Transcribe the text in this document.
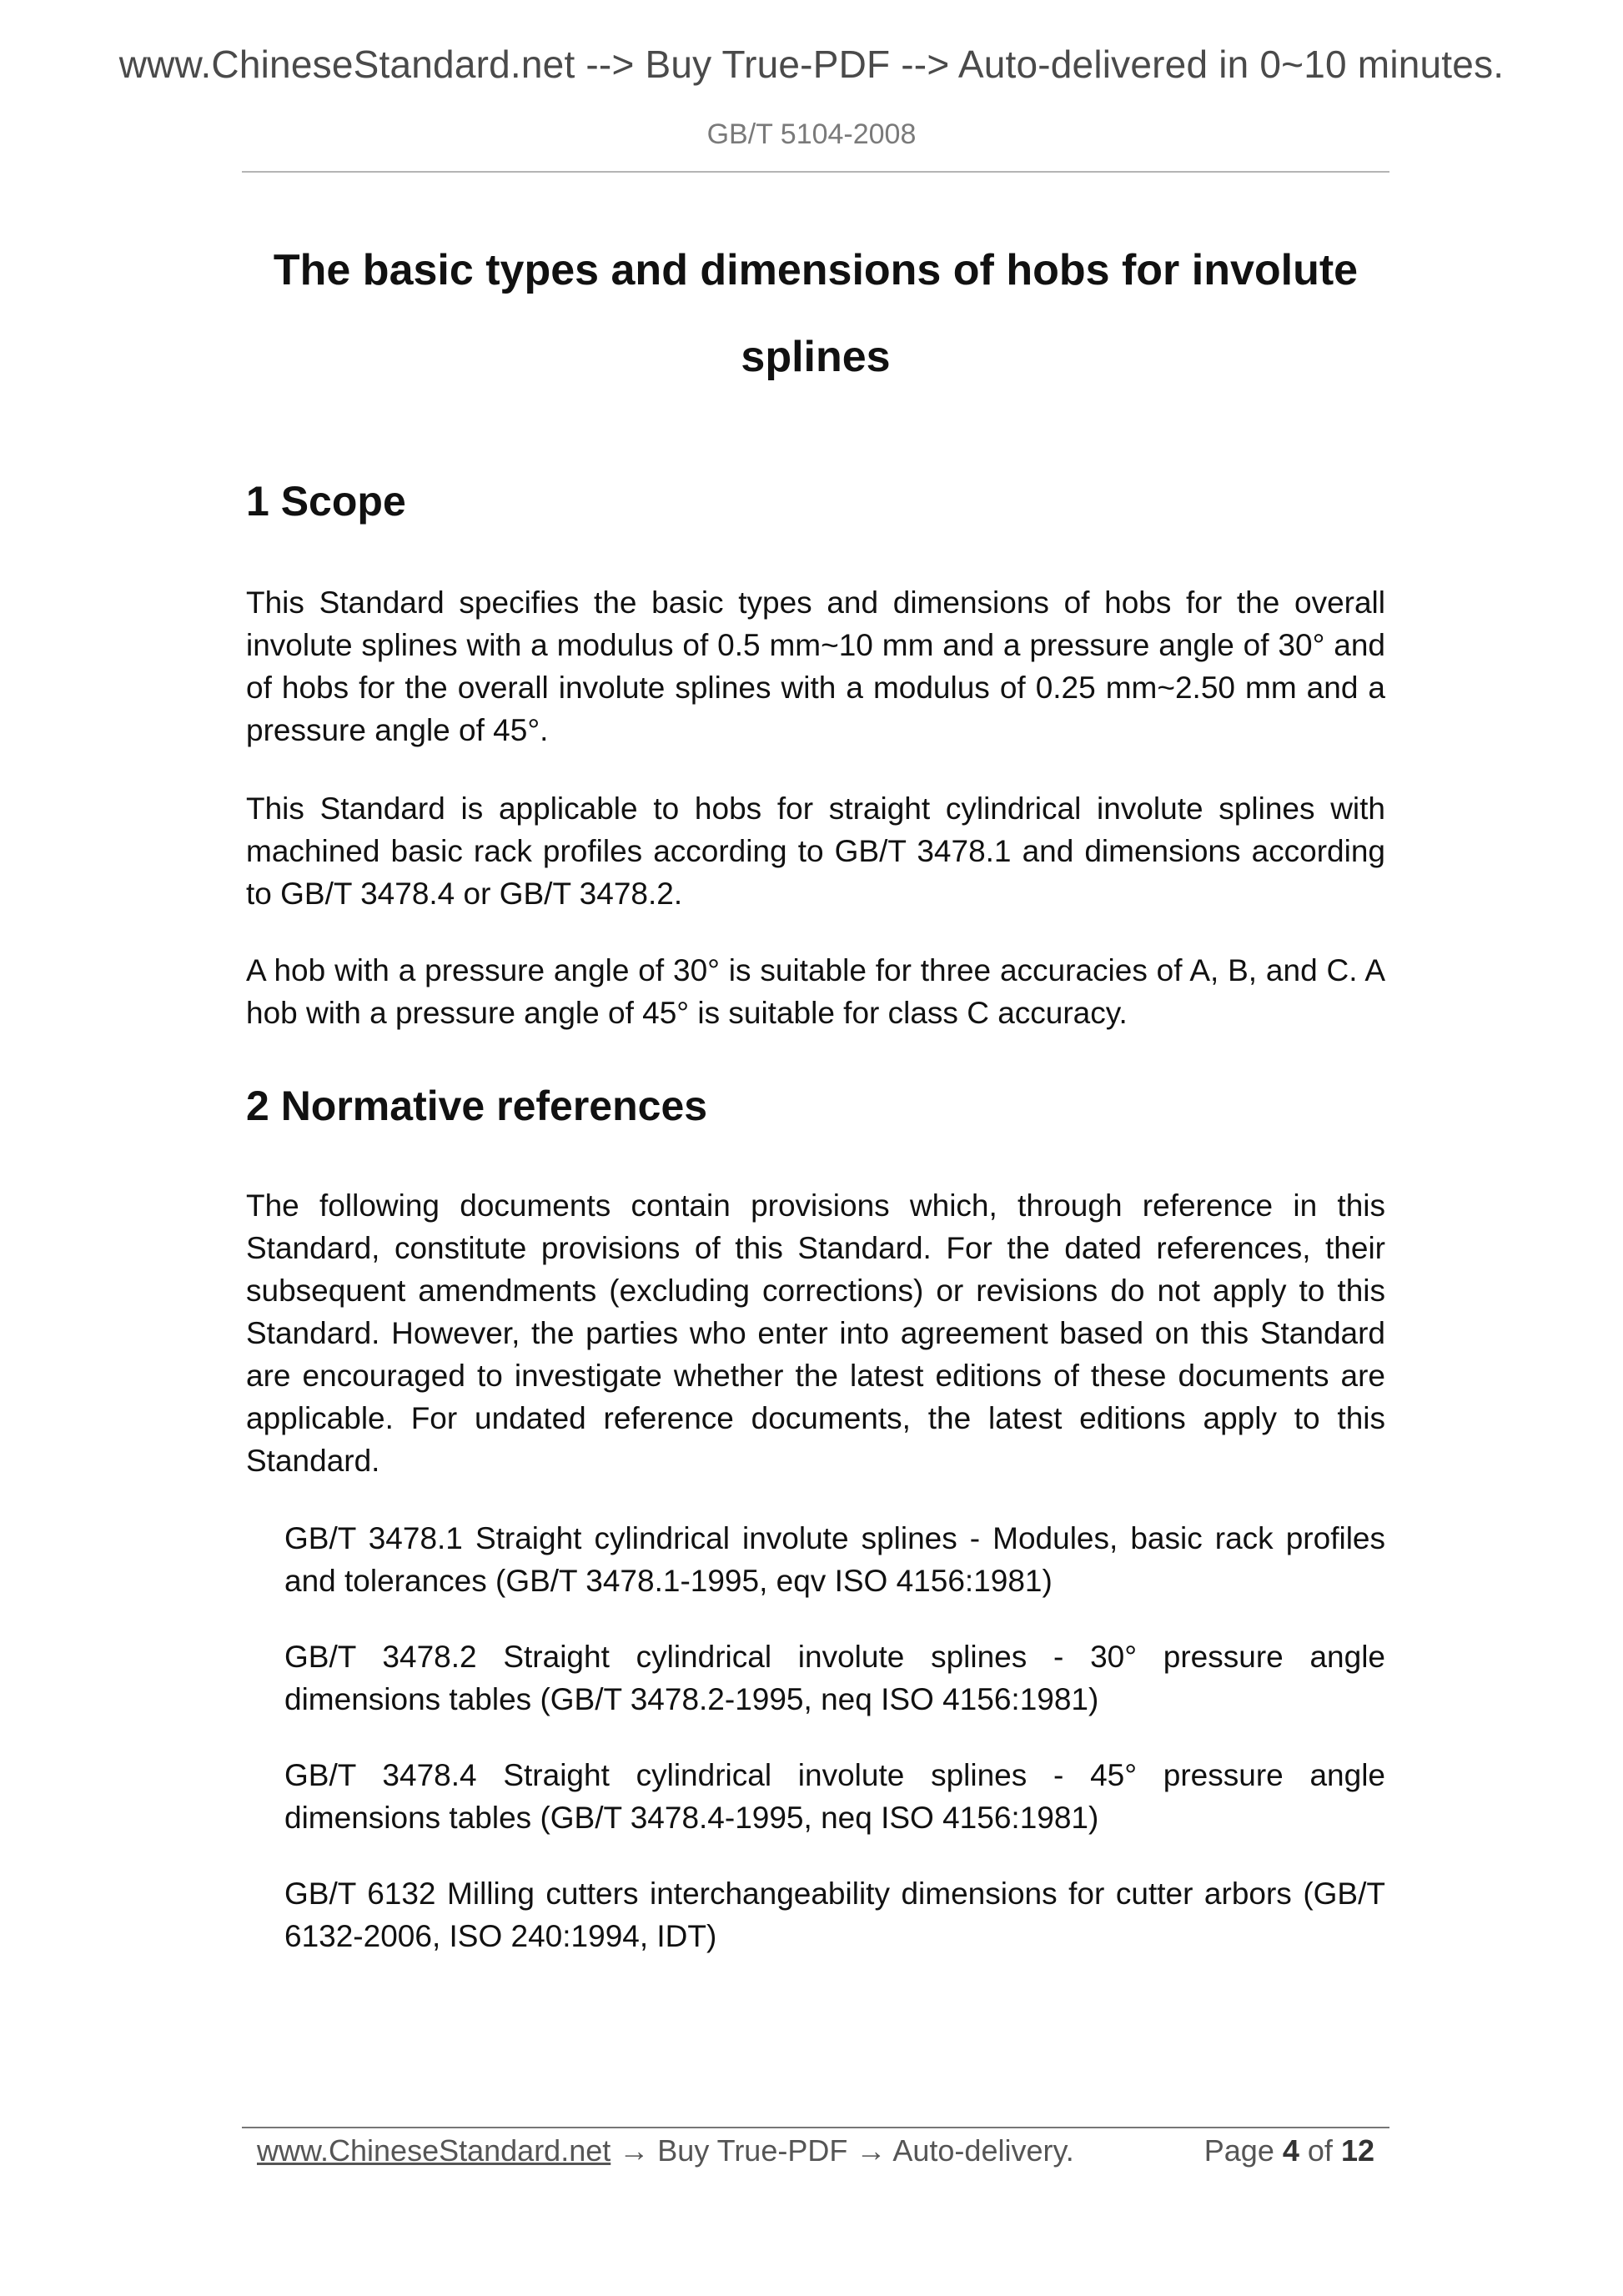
www.ChineseStandard.net --> Buy True-PDF --> Auto-delivered in 0~10 minutes.
GB/T 5104-2008
The basic types and dimensions of hobs for involute
splines
1 Scope
This Standard specifies the basic types and dimensions of hobs for the overall involute splines with a modulus of 0.5 mm~10 mm and a pressure angle of 30° and of hobs for the overall involute splines with a modulus of 0.25 mm~2.50 mm and a pressure angle of 45°.
This Standard is applicable to hobs for straight cylindrical involute splines with machined basic rack profiles according to GB/T 3478.1 and dimensions according to GB/T 3478.4 or GB/T 3478.2.
A hob with a pressure angle of 30° is suitable for three accuracies of A, B, and C. A hob with a pressure angle of 45° is suitable for class C accuracy.
2 Normative references
The following documents contain provisions which, through reference in this Standard, constitute provisions of this Standard. For the dated references, their subsequent amendments (excluding corrections) or revisions do not apply to this Standard. However, the parties who enter into agreement based on this Standard are encouraged to investigate whether the latest editions of these documents are applicable. For undated reference documents, the latest editions apply to this Standard.
GB/T 3478.1 Straight cylindrical involute splines - Modules, basic rack profiles and tolerances (GB/T 3478.1-1995, eqv ISO 4156:1981)
GB/T 3478.2 Straight cylindrical involute splines - 30° pressure angle dimensions tables (GB/T 3478.2-1995, neq ISO 4156:1981)
GB/T 3478.4 Straight cylindrical involute splines - 45° pressure angle dimensions tables (GB/T 3478.4-1995, neq ISO 4156:1981)
GB/T 6132 Milling cutters interchangeability dimensions for cutter arbors (GB/T 6132-2006, ISO 240:1994, IDT)
www.ChineseStandard.net → Buy True-PDF → Auto-delivery.	Page 4 of 12
